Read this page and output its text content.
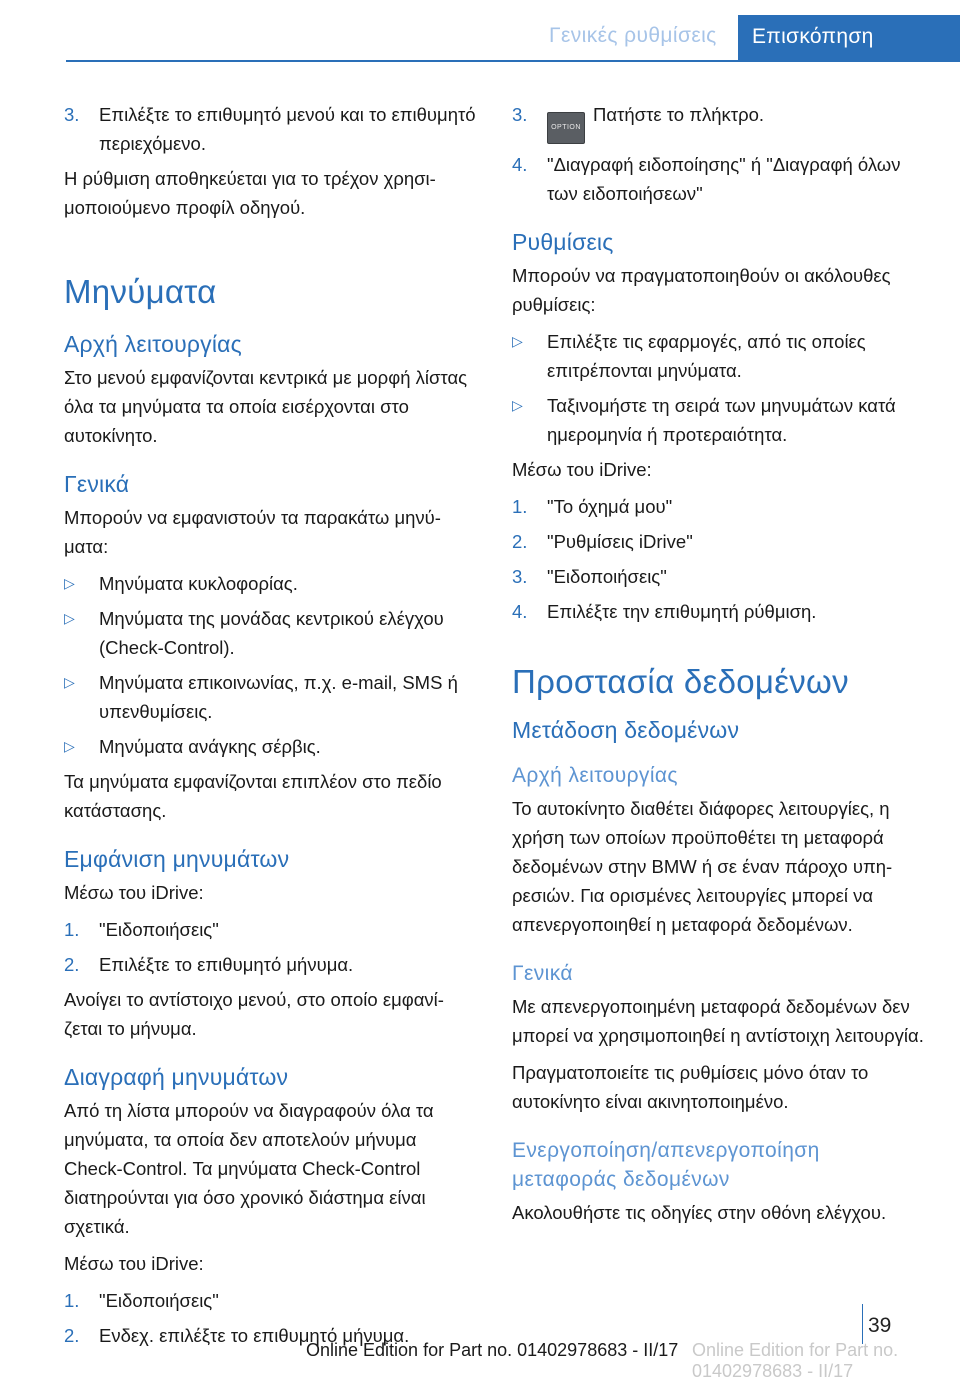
Γενικές ρυθμίσεις	Επισκόπηση
3. Επιλέξτε το επιθυμητό μενού και το επιθυμητό περιεχόμενο.

Η ρύθμιση αποθηκεύεται για το τρέχον χρησιμοποιούμενο προφίλ οδηγού.

Μηνύματα
Αρχή λειτουργίας

Στο μενού εμφανίζονται κεντρικά με μορφή λίστας όλα τα μηνύματα τα οποία εισέρχονται στο αυτοκίνητο.

Γενικά

Μπορούν να εμφανιστούν τα παρακάτω μηνύματα:

▷ Μηνύματα κυκλοφορίας.
▷ Μηνύματα της μονάδας κεντρικού ελέγχου (Check-Control).
▷ Μηνύματα επικοινωνίας, π.χ. e-mail, SMS ή υπενθυμίσεις.
▷ Μηνύματα ανάγκης σέρβις.

Τα μηνύματα εμφανίζονται επιπλέον στο πεδίο κατάστασης.

Εμφάνιση μηνυμάτων

Μέσω του iDrive:

1. "Ειδοποιήσεις"
2. Επιλέξτε το επιθυμητό μήνυμα.

Ανοίγει το αντίστοιχο μενού, στο οποίο εμφανίζεται το μήνυμα.

Διαγραφή μηνυμάτων

Από τη λίστα μπορούν να διαγραφούν όλα τα μηνύματα, τα οποία δεν αποτελούν μήνυμα Check-Control. Τα μηνύματα Check-Control διατηρούνται για όσο χρονικό διάστημα είναι σχετικά.

Μέσω του iDrive:

1. "Ειδοποιήσεις"
2. Ενδεχ. επιλέξτε το επιθυμητό μήνυμα.
3.
OPTIONΠατήστε το πλήκτρο.
4. "Διαγραφή ειδοποίησης" ή "Διαγραφή όλων των ειδοποιήσεων"
Ρυθμίσεις

Μπορούν να πραγματοποιηθούν οι ακόλουθες ρυθμίσεις:

▷ Επιλέξτε τις εφαρμογές, από τις οποίες επιτρέπονται μηνύματα.
▷ Ταξινομήστε τη σειρά των μηνυμάτων κατά ημερομηνία ή προτεραιότητα.

Μέσω του iDrive:

1. "Το όχημά μου"
2. "Ρυθμίσεις iDrive"
3. "Ειδοποιήσεις"
4. Επιλέξτε την επιθυμητή ρύθμιση.
Προστασία δεδομένων
Μετάδοση δεδομένων
Αρχή λειτουργίας

Το αυτοκίνητο διαθέτει διάφορες λειτουργίες, η χρήση των οποίων προϋποθέτει τη μεταφορά δεδομένων στην BMW ή σε έναν πάροχο υπηρεσιών. Για ορισμένες λειτουργίες μπορεί να απενεργοποιηθεί η μεταφορά δεδομένων.

Γενικά

Με απενεργοποιημένη μεταφορά δεδομένων δεν μπορεί να χρησιμοποιηθεί η αντίστοιχη λειτουργία.

Πραγματοποιείτε τις ρυθμίσεις μόνο όταν το αυτοκίνητο είναι ακινητοποιημένο.

Ενεργοποίηση/απενεργοποίηση μεταφοράς δεδομένων

Ακολουθήστε τις οδηγίες στην οθόνη ελέγχου.

39
Online Edition for Part no. 01402978683 - II/17 Online Edition for Part no. 01402978683 - II/17
